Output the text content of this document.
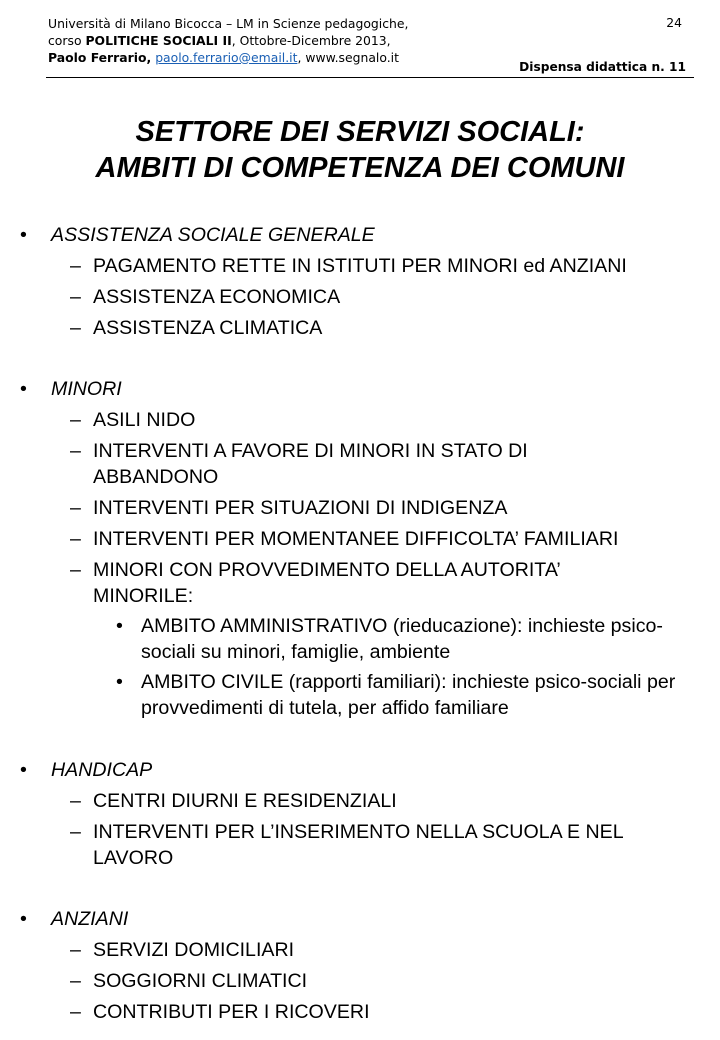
Università di Milano Bicocca – LM in Scienze pedagogiche,
corso POLITICHE SOCIALI II, Ottobre-Dicembre 2013,
Paolo Ferrario, paolo.ferrario@email.it, www.segnalo.it
24
Dispensa didattica n. 11
SETTORE DEI SERVIZI SOCIALI:
AMBITI DI COMPETENZA DEI COMUNI
• ASSISTENZA SOCIALE GENERALE
– PAGAMENTO RETTE IN ISTITUTI PER MINORI ed ANZIANI
– ASSISTENZA ECONOMICA
– ASSISTENZA CLIMATICA
• MINORI
– ASILI NIDO
– INTERVENTI A FAVORE DI MINORI IN STATO DI ABBANDONO
– INTERVENTI PER SITUAZIONI DI INDIGENZA
– INTERVENTI PER MOMENTANEE DIFFICOLTA’ FAMILIARI
– MINORI CON PROVVEDIMENTO DELLA AUTORITA’ MINORILE:
• AMBITO AMMINISTRATIVO (rieducazione): inchieste psico-sociali su minori, famiglie, ambiente
• AMBITO CIVILE (rapporti familiari): inchieste psico-sociali per provvedimenti di tutela, per affido familiare
• HANDICAP
– CENTRI DIURNI E RESIDENZIALI
– INTERVENTI PER L’INSERIMENTO NELLA SCUOLA E NEL LAVORO
• ANZIANI
– SERVIZI DOMICILIARI
– SOGGIORNI CLIMATICI
– CONTRIBUTI PER I RICOVERI
